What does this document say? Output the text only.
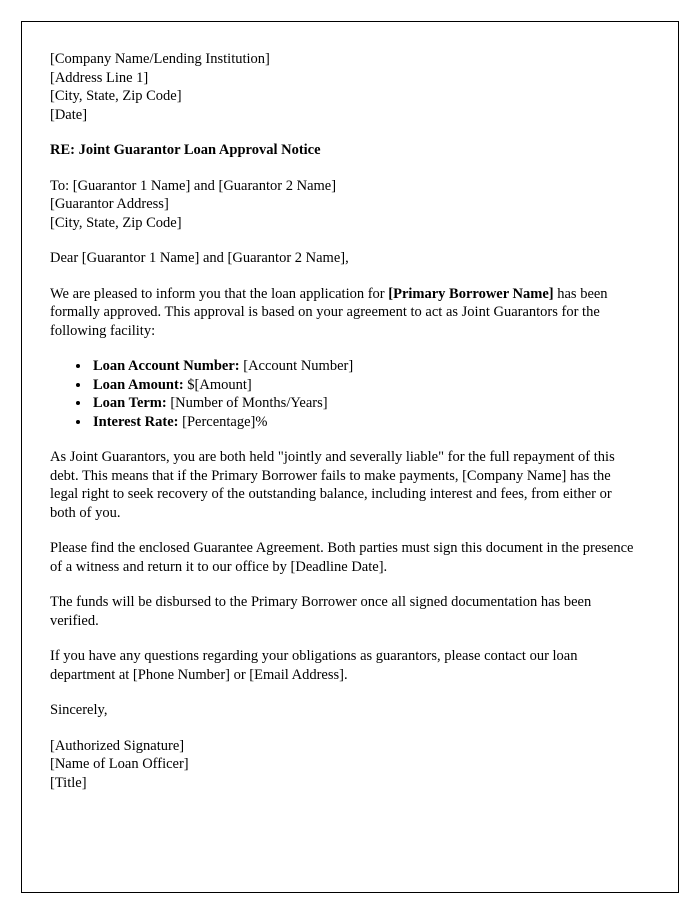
[Company Name/Lending Institution]
[Address Line 1]
[City, State, Zip Code]
[Date]

RE: Joint Guarantor Loan Approval Notice

To: [Guarantor 1 Name] and [Guarantor 2 Name]
[Guarantor Address]
[City, State, Zip Code]

Dear [Guarantor 1 Name] and [Guarantor 2 Name],

We are pleased to inform you that the loan application for [Primary Borrower Name] has been formally approved. This approval is based on your agreement to act as Joint Guarantors for the following facility:

• Loan Account Number: [Account Number]
• Loan Amount: $[Amount]
• Loan Term: [Number of Months/Years]
• Interest Rate: [Percentage]%

As Joint Guarantors, you are both held "jointly and severally liable" for the full repayment of this debt. This means that if the Primary Borrower fails to make payments, [Company Name] has the legal right to seek recovery of the outstanding balance, including interest and fees, from either or both of you.

Please find the enclosed Guarantee Agreement. Both parties must sign this document in the presence of a witness and return it to our office by [Deadline Date].

The funds will be disbursed to the Primary Borrower once all signed documentation has been verified.

If you have any questions regarding your obligations as guarantors, please contact our loan department at [Phone Number] or [Email Address].

Sincerely,

[Authorized Signature]
[Name of Loan Officer]
[Title]
